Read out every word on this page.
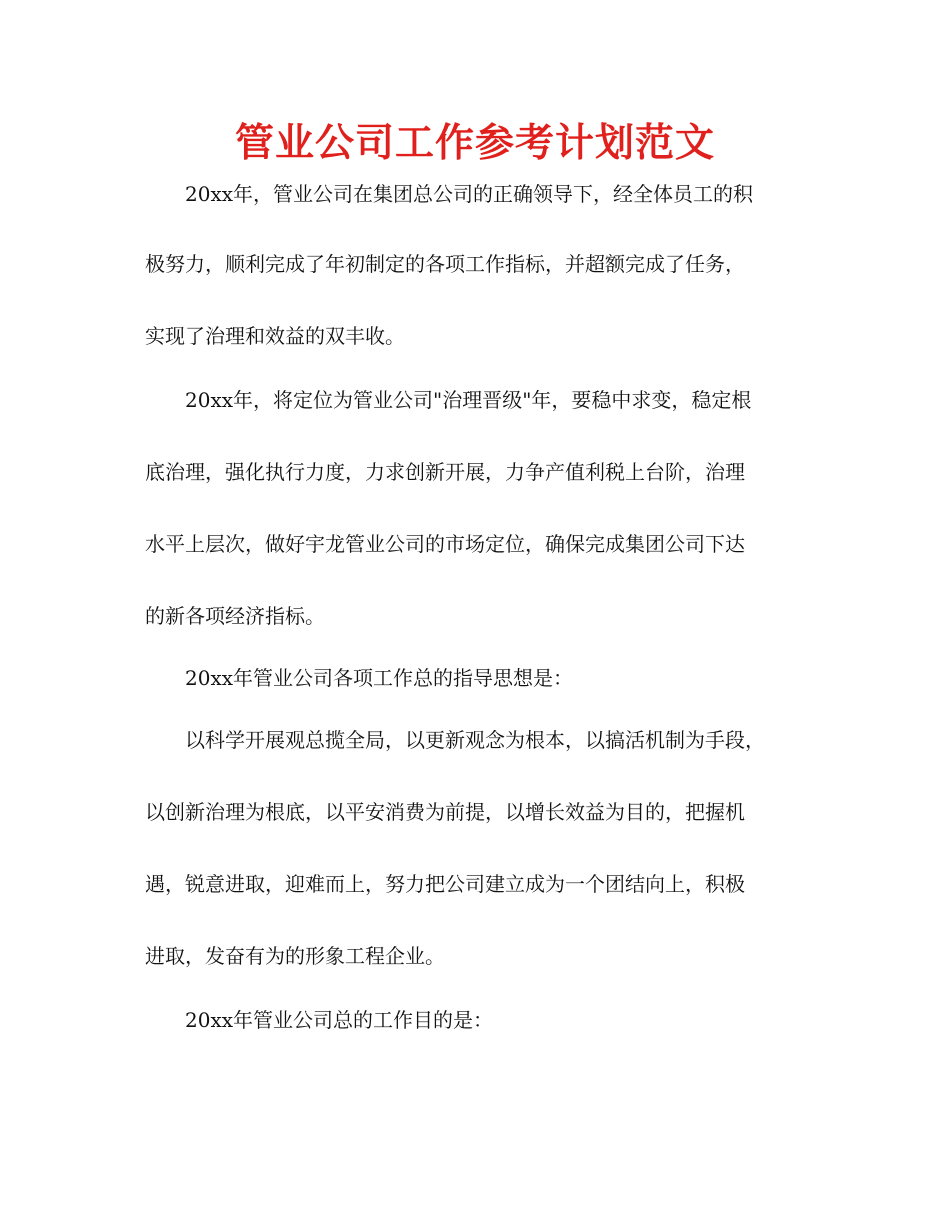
管业公司工作参考计划范文

　　20xx年，管业公司在集团总公司的正确领导下，经全体员工的积

极努力，顺利完成了年初制定的各项工作指标，并超额完成了任务，

实现了治理和效益的双丰收。

　　20xx年，将定位为管业公司"治理晋级"年，要稳中求变，稳定根

底治理，强化执行力度，力求创新开展，力争产值利税上台阶，治理

水平上层次，做好宇龙管业公司的市场定位，确保完成集团公司下达

的新各项经济指标。

　　20xx年管业公司各项工作总的指导思想是：

　　以科学开展观总揽全局，以更新观念为根本，以搞活机制为手段，

以创新治理为根底，以平安消费为前提，以增长效益为目的，把握机

遇，锐意进取，迎难而上，努力把公司建立成为一个团结向上，积极

进取，发奋有为的形象工程企业。

　　20xx年管业公司总的工作目的是：
